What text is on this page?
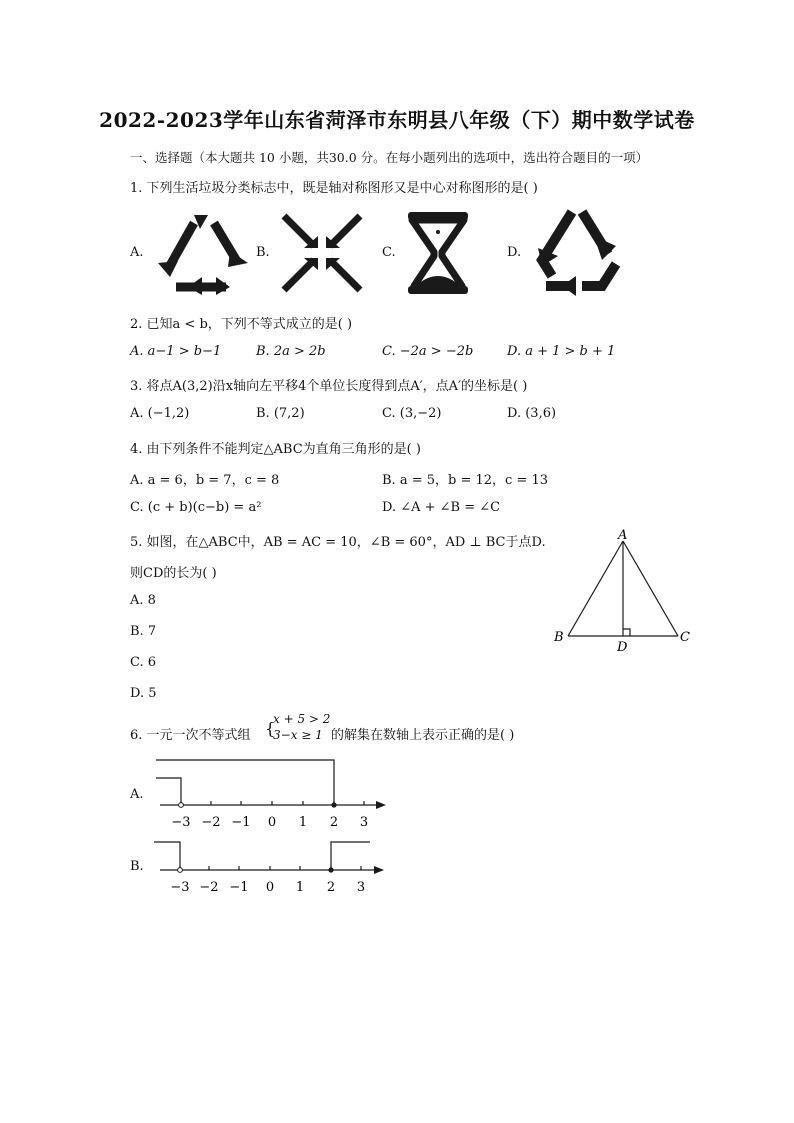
2022-2023学年山东省菏泽市东明县八年级（下）期中数学试卷
一、选择题（本大题共 10 小题，共30.0 分。在每小题列出的选项中，选出符合题目的一项）
1. 下列生活垃圾分类标志中，既是轴对称图形又是中心对称图形的是( )
A.	B.	C.	D.
2. 已知a < b，下列不等式成立的是( )
A. a−1 > b−1	B. 2a > 2b	C. −2a > −2b	D. a + 1 > b + 1
3. 将点A(3,2)沿x轴向左平移4个单位长度得到点A′，点A′的坐标是( )
A. (−1,2)	B. (7,2)	C. (3,−2)	D. (3,6)
4. 由下列条件不能判定△ABC为直角三角形的是( )
A. a = 6，b = 7，c = 8	B. a = 5，b = 12，c = 13
C. (c + b)(c−b) = a²	D. ∠A + ∠B = ∠C
5. 如图，在△ABC中，AB = AC = 10，∠B = 60°，AD ⊥ BC于点D.
则CD的长为( )
A. 8
B. 7
C. 6
D. 5
A
B	C
D
6. 一元一次不等式组 {
x + 5 > 2
3−x ≥ 1 的解集在数轴上表示正确的是( )
A.
B.
−3 −2 −1 0 1 2 3
−3 −2 −1 0 1 2 3
